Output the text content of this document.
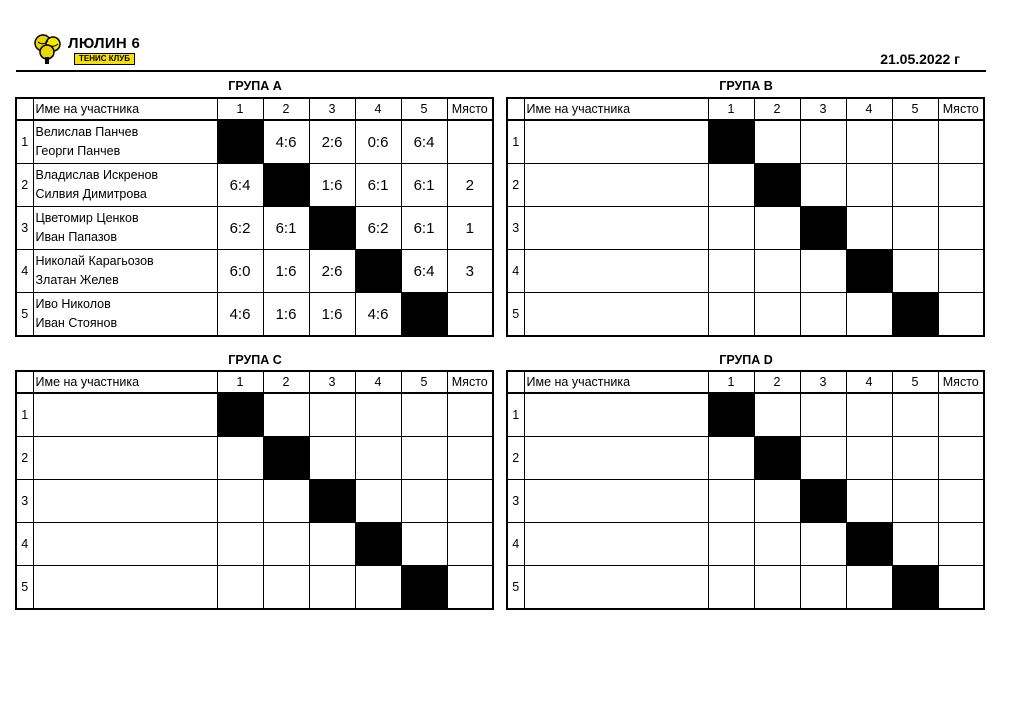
ЛЮЛИН 6
ТЕНИС КЛУБ	21.05.2022 г
ГРУПА А	ГРУПА В
ГРУПА С	ГРУПА D
	Име на участника	1	2	3	4	5	Място
1	Велислав Панчев
Георги Панчев		4:6	2:6	0:6	6:4	
2	Владислав Искренов
Силвия Димитрова	6:4		1:6	6:1	6:1	2
3	Цветомир Ценков
Иван Папазов	6:2	6:1		6:2	6:1	1
4	Николай Карагьозов
Златан Желев	6:0	1:6	2:6		6:4	3
5	Иво Николов
Иван Стоянов	4:6	1:6	1:6	4:6		
	Име на участника	1	2	3	4	5	Място
1	

2	

3	

4	

5	

	Име на участника	1	2	3	4	5	Място
1	

2	

3	

4	

5	

	Име на участника	1	2	3	4	5	Място
1	

2	

3	

4	

5	
